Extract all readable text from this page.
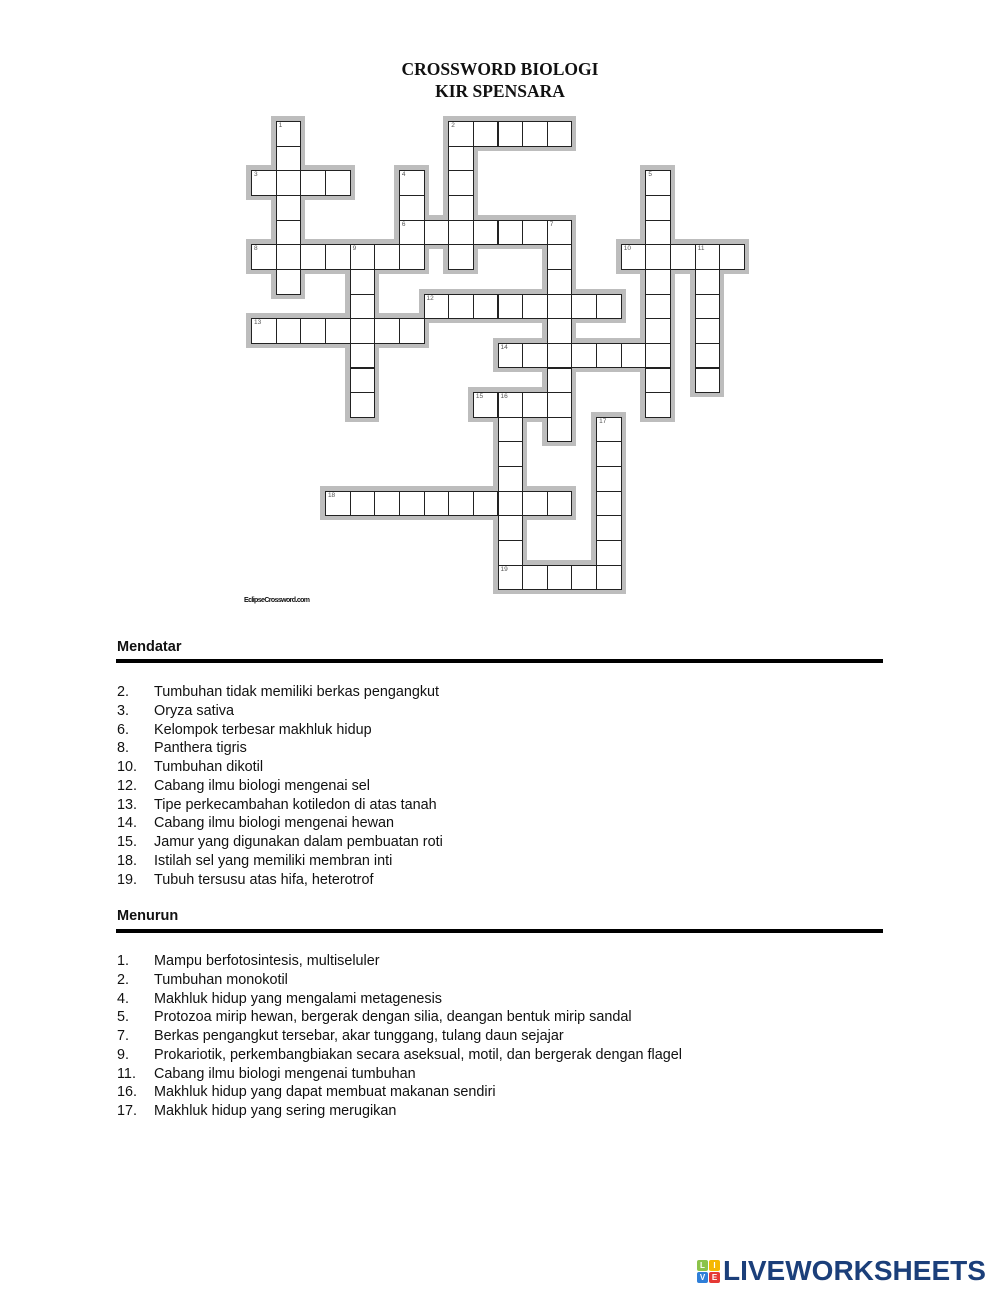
CROSSWORD BIOLOGI
KIR SPENSARA
1	2
3	4
6
5
7
8	9	10	11
12
13
14
15	16
19
17
18
EclipseCrossword.com
Mendatar
2.	Tumbuhan tidak memiliki berkas pengangkut
3.	Oryza sativa
6.	Kelompok terbesar makhluk hidup
8.	Panthera tigris
10.	Tumbuhan dikotil
12.	Cabang ilmu biologi mengenai sel
13.	Tipe perkecambahan kotiledon di atas tanah
14.	Cabang ilmu biologi mengenai hewan
15.	Jamur yang digunakan dalam pembuatan roti
18.	Istilah sel yang memiliki membran inti
19.	Tubuh tersusu atas hifa, heterotrof
Menurun
1.	Mampu berfotosintesis, multiseluler
2.	Tumbuhan monokotil
4.	Makhluk hidup yang mengalami metagenesis
5.	Protozoa mirip hewan, bergerak dengan silia, deangan bentuk mirip sandal
7.	Berkas pengangkut tersebar, akar tunggang, tulang daun sejajar
9.	Prokariotik, perkembangbiakan secara aseksual, motil, dan bergerak dengan flagel
11.	Cabang ilmu biologi mengenai tumbuhan
16.	Makhluk hidup yang dapat membuat makanan sendiri
17.	Makhluk hidup yang sering merugikan
L	I
V E LIVEWORKSHEETS
